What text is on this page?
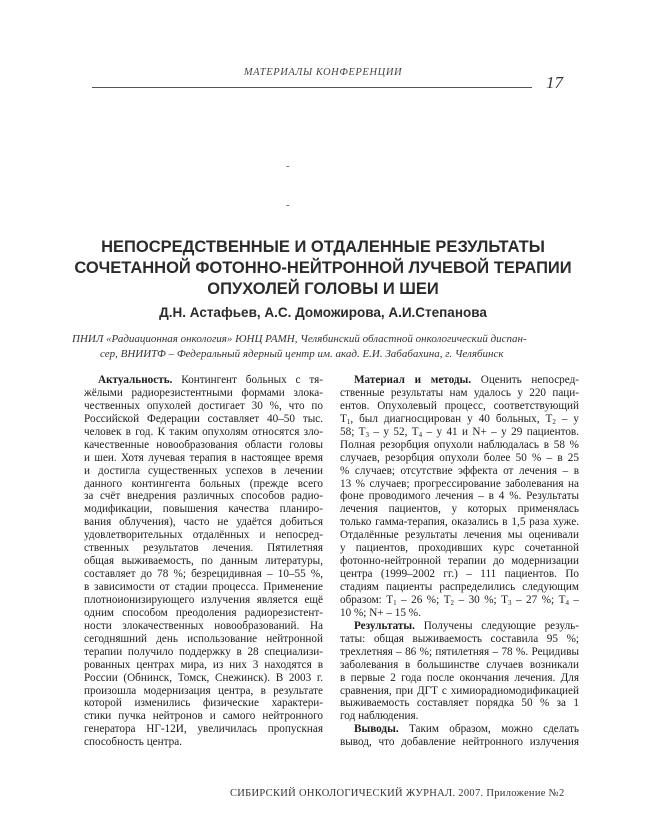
МАТЕРИАЛЫ КОНФЕРЕНЦИИ
17
-
-
НЕПОСРЕДСТВЕННЫЕ И ОТДАЛЕННЫЕ РЕЗУЛЬТАТЫ
СОЧЕТАННОЙ ФОТОННО-НЕЙТРОННОЙ ЛУЧЕВОЙ ТЕРАПИИ
ОПУХОЛЕЙ ГОЛОВЫ И ШЕИ
Д.Н. Астафьев, А.С. Доможирова, А.И.Степанова
ПНИЛ «Радиационная онкология» ЮНЦ РАМН, Челябинский областной онкологический диспан-
сер, ВНИИТФ – Федеральный ядерный центр им. акад. Е.И. Забабахина, г. Челябинск
Актуальность. Контингент больных с тя-
жёлыми радиорезистентными формами злока-
чественных опухолей достигает 30 %, что по
Российской Федерации составляет 40–50 тыс.
человек в год. К таким опухолям относятся зло-
качественные новообразования области головы
и шеи. Хотя лучевая терапия в настоящее время
и достигла существенных успехов в лечении
данного контингента больных (прежде всего
за счёт внедрения различных способов радио-
модификации, повышения качества планиро-
вания облучения), часто не удаётся добиться
удовлетворительных отдалённых и непосред-
ственных результатов лечения. Пятилетняя
общая выживаемость, по данным литературы,
составляет до 78 %; безрецидивная – 10–55 %,
в зависимости от стадии процесса. Применение
плотноионизирующего излучения является ещё
одним способом преодоления радиорезистент-
ности злокачественных новообразований. На
сегодняшний день использование нейтронной
терапии получило поддержку в 28 специализи-
рованных центрах мира, из них 3 находятся в
России (Обнинск, Томск, Снежинск). В 2003 г.
произошла модернизация центра, в результате
которой изменились физические характери-
стики пучка нейтронов и самого нейтронного
генератора НГ-12И, увеличилась пропускная
способность центра.
Материал и методы. Оценить непосред-
ственные результаты нам удалось у 220 паци-
ентов. Опухолевый процесс, соответствующий
$Т_1$, был диагносцирован у 40 больных, $Т_2$ – у
58; $Т_3$ – у 52, $Т_4$ – у 41 и N+ – у 29 пациентов.
Полная резорбция опухоли наблюдалась в 58 %
случаев, резорбция опухоли более 50 % – в 25
% случаев; отсутствие эффекта от лечения – в
13 % случаев; прогрессирование заболевания на
фоне проводимого лечения – в 4 %. Результаты
лечения пациентов, у которых применялась
только гамма-терапия, оказались в 1,5 раза хуже.
Отдалённые результаты лечения мы оценивали
у пациентов, проходивших курс сочетанной
фотонно-нейтронной терапии до модернизации
центра (1999–2002 гг.) – 111 пациентов. По
стадиям пациенты распределились следующим
образом: $Т_1 - 26$ %; $Т_2 - 30$ %; $Т_3 - 27$ %; $Т_4$ –
10 %; N+ – 15 %.
Результаты. Получены следующие резуль-
таты: общая выживаемость составила 95 %;
трехлетняя – 86 %; пятилетняя – 78 %. Рецидивы
заболевания в большинстве случаев возникали
в первые 2 года после окончания лечения. Для
сравнения, при ДГТ с химиорадиомодификацией
выживаемость составляет порядка 50 % за 1
год наблюдения.
Выводы. Таким образом, можно сделать
вывод, что добавление нейтронного излучения
СИБИРСКИЙ ОНКОЛОГИЧЕСКИЙ ЖУРНАЛ. 2007. Приложение №2
